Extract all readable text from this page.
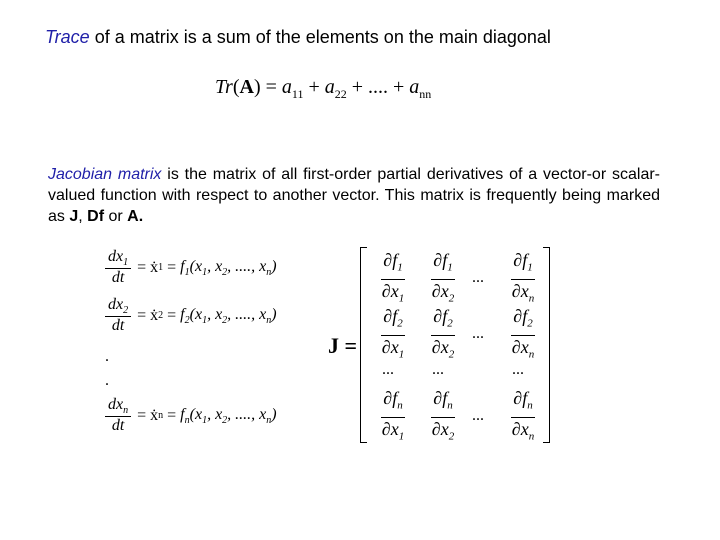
Trace of a matrix is a sum of the elements on the main diagonal
$Tr(A) = a_{11} + a_{22}$ + .... + $a_{nn}$
Jacobian matrix is the matrix of all first-order partial derivatives of a vector-or scalar-valued function with respect to another vector. This matrix is frequently being marked as J, Df or A.
$\frac{dx_1}{dt}$ =
ẋ 1
=
$f_1(x_1$, $x_2$, ...., $x_n$)
$\frac{dx_2}{dt}$ =
ẋ 2
=
$f_2(x_1$, $x_2$, ...., $x_n$)
.
.
$\frac{dx_n}{dt}$ =
ẋ n
=
$f_n(x_1$, $x_2$, ...., $x_n$)
J =
$\partial f_1$
$\partial x_1$
$\partial f_1$
$\partial x_2$
...
$\partial f_1$
$\partial x_n$
$\partial f_2$
$\partial x_1$
$\partial f_2$
$\partial x_2$
...
$\partial f_2$
$\partial x_n$
... ...	...
$\partial f_n$
$\partial x_1$
$\partial f_n$
$\partial x_2$
...
$\partial f_n$
$\partial x_n$
